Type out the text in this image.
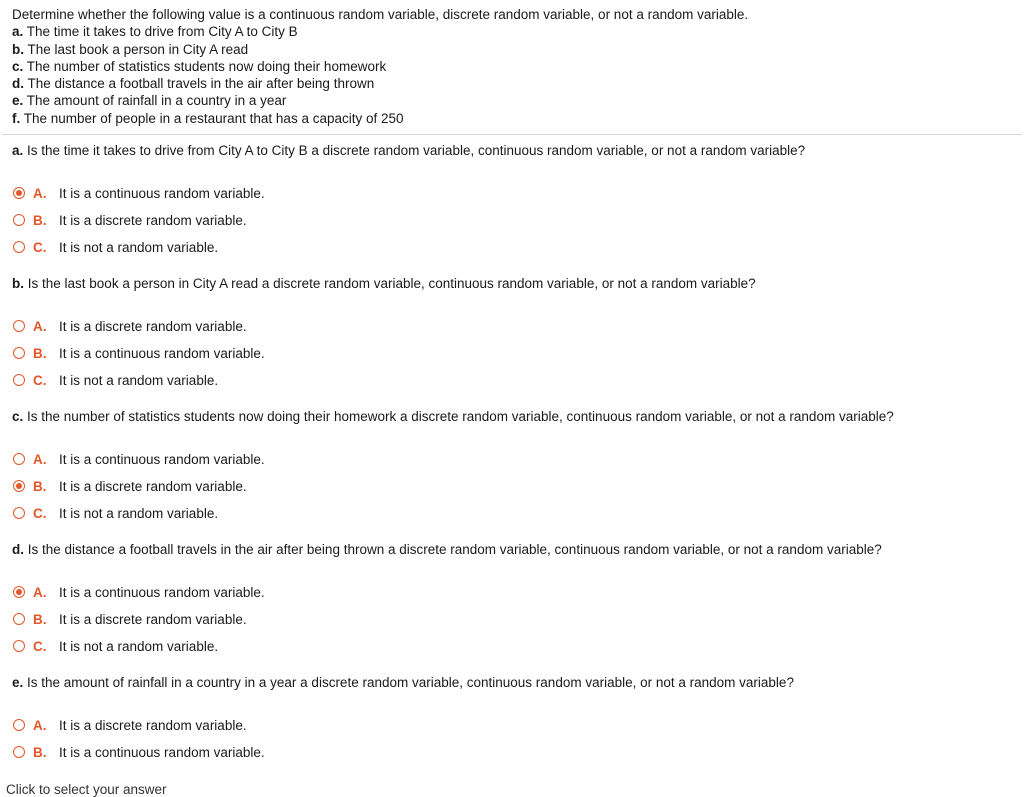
Determine whether the following value is a continuous random variable, discrete random variable, or not a random variable.
a. The time it takes to drive from City A to City B
b. The last book a person in City A read
c. The number of statistics students now doing their homework
d. The distance a football travels in the air after being thrown
e. The amount of rainfall in a country in a year
f. The number of people in a restaurant that has a capacity of 250
a. Is the time it takes to drive from City A to City B a discrete random variable, continuous random variable, or not a random variable?
A. It is a continuous random variable.
B. It is a discrete random variable.
C. It is not a random variable.
b. Is the last book a person in City A read a discrete random variable, continuous random variable, or not a random variable?
A. It is a discrete random variable.
B. It is a continuous random variable.
C. It is not a random variable.
c. Is the number of statistics students now doing their homework a discrete random variable, continuous random variable, or not a random variable?
A. It is a continuous random variable.
B. It is a discrete random variable.
C. It is not a random variable.
d. Is the distance a football travels in the air after being thrown a discrete random variable, continuous random variable, or not a random variable?
A. It is a continuous random variable.
B. It is a discrete random variable.
C. It is not a random variable.
e. Is the amount of rainfall in a country in a year a discrete random variable, continuous random variable, or not a random variable?
A. It is a discrete random variable.
B. It is a continuous random variable.
Click to select your answer
